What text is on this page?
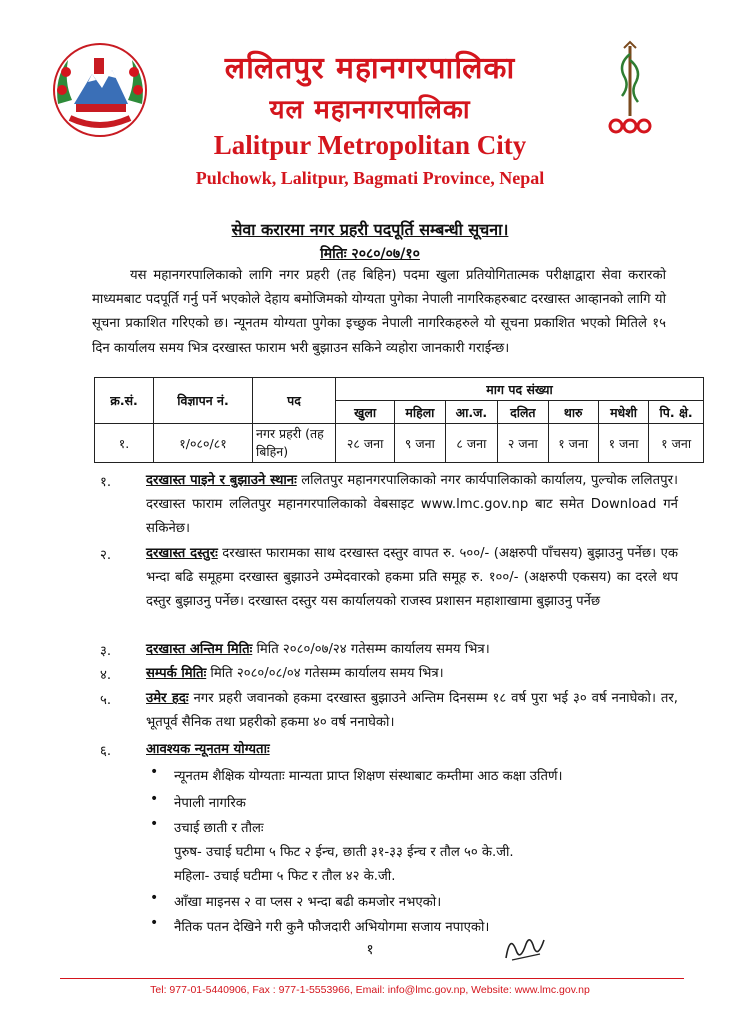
ललितपुर महानगरपालिका
यल महानगरपालिका
Lalitpur Metropolitan City
Pulchowk, Lalitpur, Bagmati Province, Nepal
सेवा करारमा नगर प्रहरी पदपूर्ति सम्बन्धी सूचना।
मितिः २०८०/०७/१०
यस महानगरपालिकाको लागि नगर प्रहरी (तह बिहिन) पदमा खुला प्रतियोगितात्मक परीक्षाद्वारा सेवा करारको माध्यमबाट पदपूर्ति गर्नु पर्ने भएकोले देहाय बमोजिमको योग्यता पुगेका नेपाली नागरिकहरुबाट दरखास्त आव्हानको लागि यो सूचना प्रकाशित गरिएको छ। न्यूनतम योग्यता पुगेका इच्छुक नेपाली नागरिकहरुले यो सूचना प्रकाशित भएको मितिले १५ दिन कार्यालय समय भित्र दरखास्त फाराम भरी बुझाउन सकिने व्यहोरा जानकारी गराईन्छ।
क्र.सं.	विज्ञापन नं.	पद	माग पद संख्या						
			खुला	महिला	आ.ज.	दलित	थारु	मधेशी	पि. क्षे.
१.	१/०८०/८१	नगर प्रहरी (तह बिहिन)	२८ जना	९ जना	८ जना	२ जना	१ जना	१ जना	१ जना
१.	दरखास्त पाइने र बुझाउने स्थानः ललितपुर महानगरपालिकाको नगर कार्यपालिकाको कार्यालय, पुल्चोक ललितपुर। दरखास्त फाराम ललितपुर महानगरपालिकाको वेबसाइट www.lmc.gov.np बाट समेत Download गर्न सकिनेछ।
२.	दरखास्त दस्तुरः दरखास्त फारामका साथ दरखास्त दस्तुर वापत रु. ५००/- (अक्षरुपी पाँचसय) बुझाउनु पर्नेछ। एक भन्दा बढि समूहमा दरखास्त बुझाउने उम्मेदवारको हकमा प्रति समूह रु. १००/- (अक्षरुपी एकसय) का दरले थप दस्तुर बुझाउनु पर्नेछ। दरखास्त दस्तुर यस कार्यालयको राजस्व प्रशासन महाशाखामा बुझाउनु पर्नेछ
३.	दरखास्त अन्तिम मितिः मिति २०८०/०७/२४ गतेसम्म कार्यालय समय भित्र।
४.	सम्पर्क मितिः मिति २०८०/०८/०४ गतेसम्म कार्यालय समय भित्र।
५.	उमेर हदः नगर प्रहरी जवानको हकमा दरखास्त बुझाउने अन्तिम दिनसम्म १८ वर्ष पुरा भई ३० वर्ष ननाघेको। तर, भूतपूर्व सैनिक तथा प्रहरीको हकमा ४० वर्ष ननाघेको।
६.	आवश्यक न्यूनतम योग्यताः
• न्यूनतम शैक्षिक योग्यताः मान्यता प्राप्त शिक्षण संस्थाबाट कम्तीमा आठ कक्षा उतिर्ण।
• नेपाली नागरिक
• उचाई छाती र तौलः
पुरुष- उचाई घटीमा ५ फिट २ ईन्च, छाती ३१-३३ ईन्च र तौल ५० के.जी.
महिला- उचाई घटीमा ५ फिट र तौल ४२ के.जी.
• आँखा माइनस २ वा प्लस २ भन्दा बढी कमजोर नभएको।
• नैतिक पतन देखिने गरी कुनै फौजदारी अभियोगमा सजाय नपाएको।
१
Tel: 977-01-5440906, Fax : 977-1-5553966, Email: info@lmc.gov.np, Website: www.lmc.gov.np
